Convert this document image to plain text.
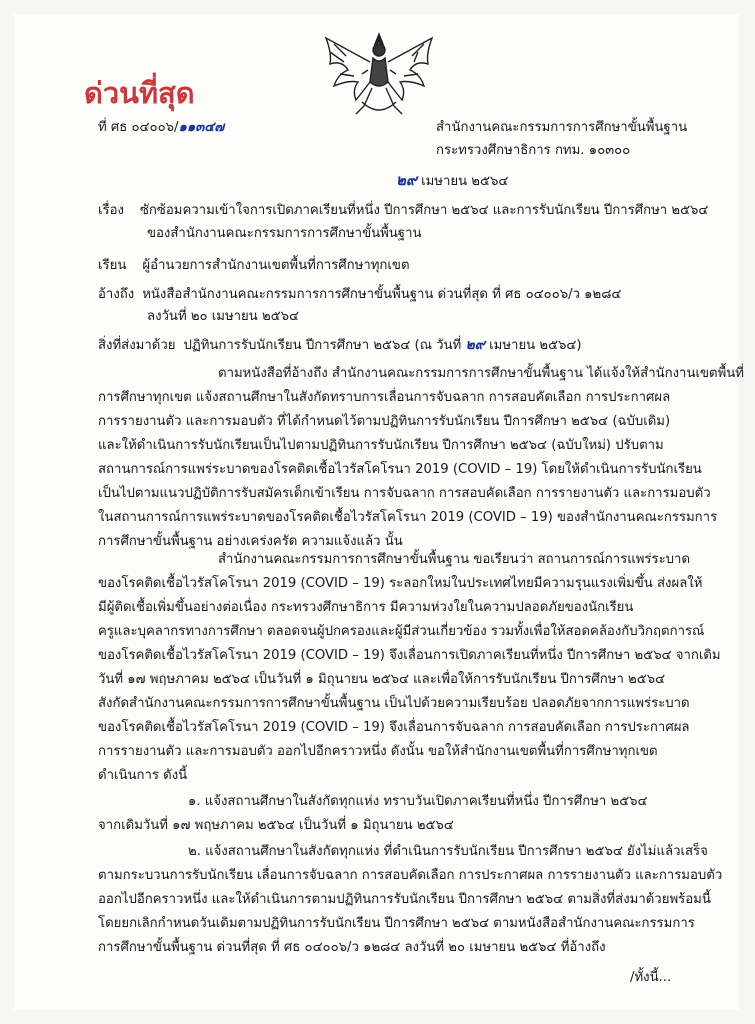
ด่วนที่สุด
ที่ ศธ ๐๔๐๐๖/๑๑๓๔๗	สำนักงานคณะกรรมการการศึกษาขั้นพื้นฐาน
กระทรวงศึกษาธิการ กทม. ๑๐๓๐๐
๒๙ เมษายน ๒๕๖๔
เรื่อง ซักซ้อมความเข้าใจการเปิดภาคเรียนที่หนึ่ง ปีการศึกษา ๒๕๖๔ และการรับนักเรียน ปีการศึกษา ๒๕๖๔
ของสำนักงานคณะกรรมการการศึกษาขั้นพื้นฐาน
เรียน ผู้อำนวยการสำนักงานเขตพื้นที่การศึกษาทุกเขต
อ้างถึง หนังสือสำนักงานคณะกรรมการการศึกษาขั้นพื้นฐาน ด่วนที่สุด ที่ ศธ ๐๔๐๐๖/ว ๑๒๘๔
ลงวันที่ ๒๐ เมษายน ๒๕๖๔
สิ่งที่ส่งมาด้วย ปฏิทินการรับนักเรียน ปีการศึกษา ๒๕๖๔ (ณ วันที่ ๒๙ เมษายน ๒๕๖๔)
ตามหนังสือที่อ้างถึง สำนักงานคณะกรรมการการศึกษาขั้นพื้นฐาน ได้แจ้งให้สำนักงานเขตพื้นที่
การศึกษาทุกเขต แจ้งสถานศึกษาในสังกัดทราบการเลื่อนการจับฉลาก การสอบคัดเลือก การประกาศผล
การรายงานตัว และการมอบตัว ที่ได้กำหนดไว้ตามปฏิทินการรับนักเรียน ปีการศึกษา ๒๕๖๔ (ฉบับเดิม)
และให้ดำเนินการรับนักเรียนเป็นไปตามปฏิทินการรับนักเรียน ปีการศึกษา ๒๕๖๔ (ฉบับใหม่) ปรับตาม
สถานการณ์การแพร่ระบาดของโรคติดเชื้อไวรัสโคโรนา 2019 (COVID – 19) โดยให้ดำเนินการรับนักเรียน
เป็นไปตามแนวปฏิบัติการรับสมัครเด็กเข้าเรียน การจับฉลาก การสอบคัดเลือก การรายงานตัว และการมอบตัว
ในสถานการณ์การแพร่ระบาดของโรคติดเชื้อไวรัสโคโรนา 2019 (COVID – 19) ของสำนักงานคณะกรรมการ
การศึกษาขั้นพื้นฐาน อย่างเคร่งครัด ความแจ้งแล้ว นั้น
สำนักงานคณะกรรมการการศึกษาขั้นพื้นฐาน ขอเรียนว่า สถานการณ์การแพร่ระบาด
ของโรคติดเชื้อไวรัสโคโรนา 2019 (COVID – 19) ระลอกใหม่ในประเทศไทยมีความรุนแรงเพิ่มขึ้น ส่งผลให้
มีผู้ติดเชื้อเพิ่มขึ้นอย่างต่อเนื่อง กระทรวงศึกษาธิการ มีความห่วงใยในความปลอดภัยของนักเรียน
ครูและบุคลากรทางการศึกษา ตลอดจนผู้ปกครองและผู้มีส่วนเกี่ยวข้อง รวมทั้งเพื่อให้สอดคล้องกับวิกฤตการณ์
ของโรคติดเชื้อไวรัสโคโรนา 2019 (COVID – 19) จึงเลื่อนการเปิดภาคเรียนที่หนึ่ง ปีการศึกษา ๒๕๖๔ จากเดิม
วันที่ ๑๗ พฤษภาคม ๒๕๖๔ เป็นวันที่ ๑ มิถุนายน ๒๕๖๔ และเพื่อให้การรับนักเรียน ปีการศึกษา ๒๕๖๔
สังกัดสำนักงานคณะกรรมการการศึกษาขั้นพื้นฐาน เป็นไปด้วยความเรียบร้อย ปลอดภัยจากการแพร่ระบาด
ของโรคติดเชื้อไวรัสโคโรนา 2019 (COVID – 19) จึงเลื่อนการจับฉลาก การสอบคัดเลือก การประกาศผล
การรายงานตัว และการมอบตัว ออกไปอีกคราวหนึ่ง ดังนั้น ขอให้สำนักงานเขตพื้นที่การศึกษาทุกเขต
ดำเนินการ ดังนี้
๑. แจ้งสถานศึกษาในสังกัดทุกแห่ง ทราบวันเปิดภาคเรียนที่หนึ่ง ปีการศึกษา ๒๕๖๔
จากเดิมวันที่ ๑๗ พฤษภาคม ๒๕๖๔ เป็นวันที่ ๑ มิถุนายน ๒๕๖๔
๒. แจ้งสถานศึกษาในสังกัดทุกแห่ง ที่ดำเนินการรับนักเรียน ปีการศึกษา ๒๕๖๔ ยังไม่แล้วเสร็จ
ตามกระบวนการรับนักเรียน เลื่อนการจับฉลาก การสอบคัดเลือก การประกาศผล การรายงานตัว และการมอบตัว
ออกไปอีกคราวหนึ่ง และให้ดำเนินการตามปฏิทินการรับนักเรียน ปีการศึกษา ๒๕๖๔ ตามสิ่งที่ส่งมาด้วยพร้อมนี้
โดยยกเลิกกำหนดวันเดิมตามปฏิทินการรับนักเรียน ปีการศึกษา ๒๕๖๔ ตามหนังสือสำนักงานคณะกรรมการ
การศึกษาขั้นพื้นฐาน ด่วนที่สุด ที่ ศธ ๐๔๐๐๖/ว ๑๒๘๔ ลงวันที่ ๒๐ เมษายน ๒๕๖๔ ที่อ้างถึง
/ทั้งนี้...
